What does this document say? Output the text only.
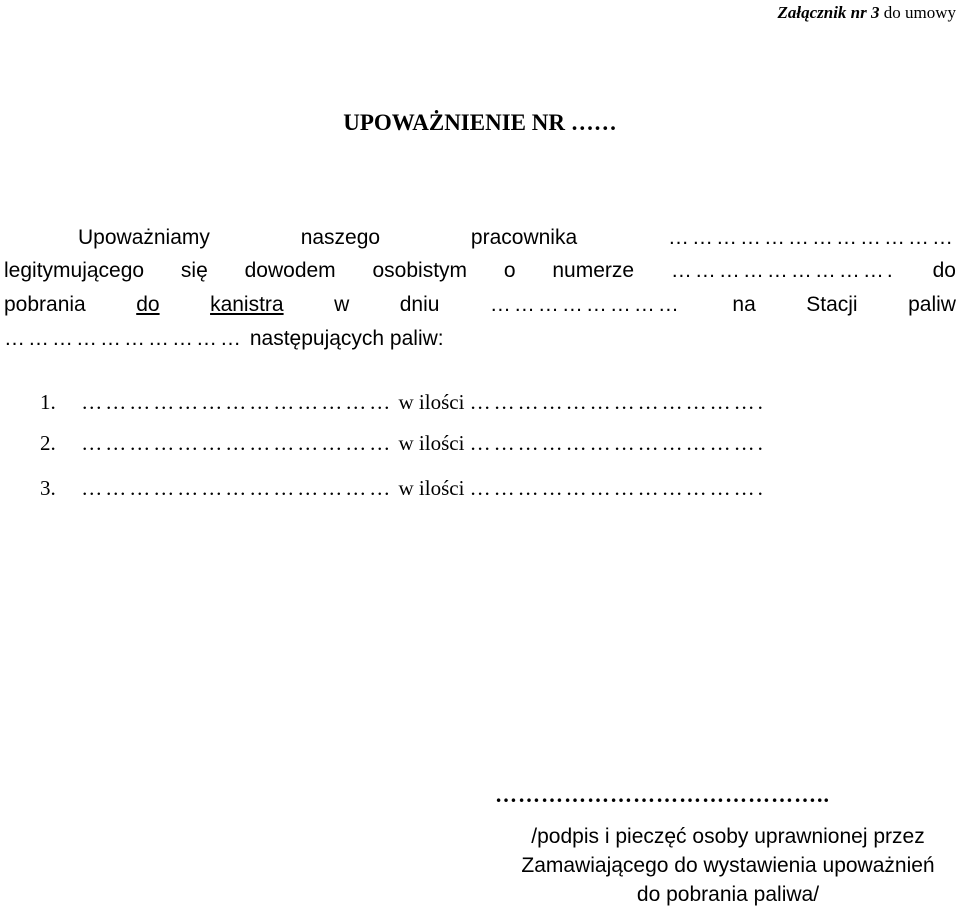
Załącznik nr 3 do umowy
UPOWAŻNIENIE NR ……
Upoważniamy	naszego	pracownika	………………………………
legitymującego się dowodem osobistym o numerze ………………………. do
pobrania do kanistra w dniu …………………… na Stacji paliw
………………………… następujących paliw:
1. ………………………………… w ilości ……………………………….
2. ………………………………… w ilości ……………………………….
3. ………………………………… w ilości ……………………………….
……………………………………..
/podpis i pieczęć osoby uprawnionej przez
Zamawiającego do wystawienia upoważnień
do pobrania paliwa/
